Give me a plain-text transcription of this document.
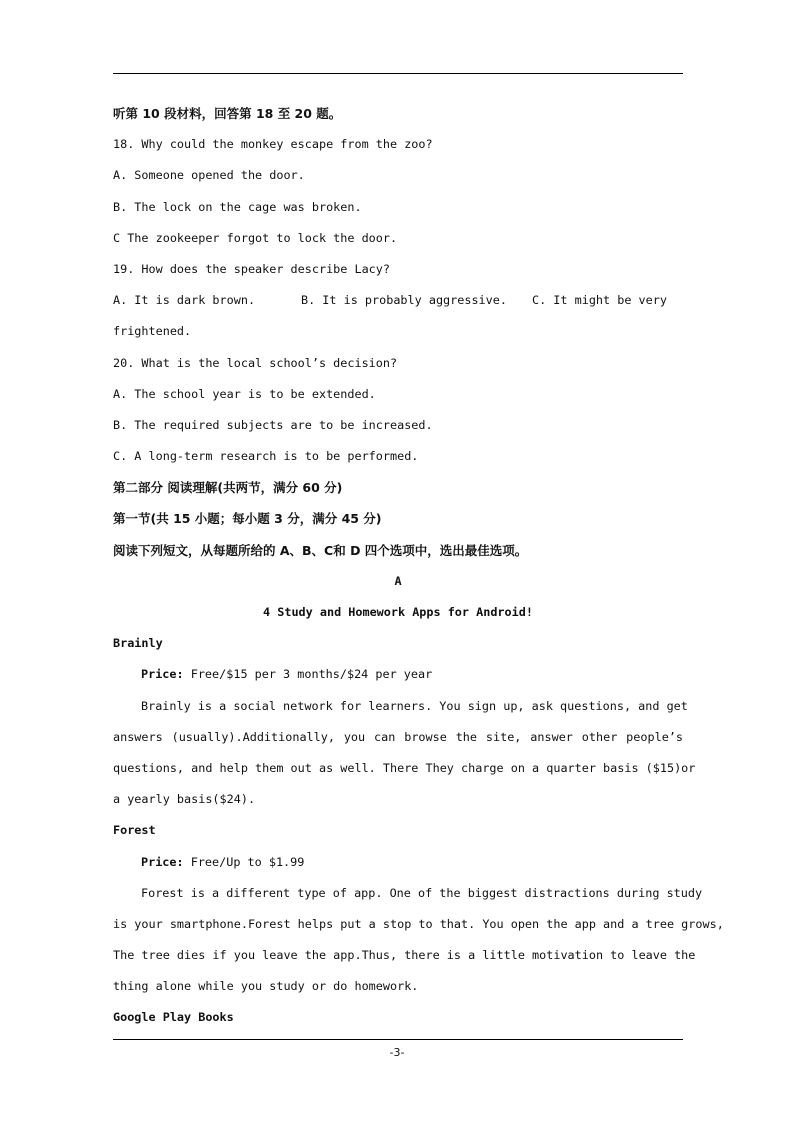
听第 10 段材料，回答第 18 至 20 题。
18. Why could the monkey escape from the zoo?
A. Someone opened the door.
B. The lock on the cage was broken.
C The zookeeper forgot to lock the door.
19. How does the speaker describe Lacy?
A. It is dark brown.	B. It is probably aggressive. C. It might be very
frightened.
20. What is the local school’s decision?
A. The school year is to be extended.
B. The required subjects are to be increased.
C. A long-term research is to be performed.
第二部分 阅读理解(共两节，满分 60 分)
第一节(共 15 小题；每小题 3 分，满分 45 分)
阅读下列短文，从每题所给的 A、B、C和 D 四个选项中，选出最佳选项。
A
4 Study and Homework Apps for Android!
Brainly
Price: Free/$15 per 3 months/$24 per year
Brainly is a social network for learners. You sign up, ask questions, and get
answers (usually).Additionally, you can browse the site, answer other people’s
questions, and help them out as well. There They charge on a quarter basis ($15)or
a yearly basis($24).
Forest
Price: Free/Up to $1.99
Forest is a different type of app. One of the biggest distractions during study
is your smartphone.Forest helps put a stop to that. You open the app and a tree grows,
The tree dies if you leave the app.Thus, there is a little motivation to leave the
thing alone while you study or do homework.
Google Play Books
-3-
